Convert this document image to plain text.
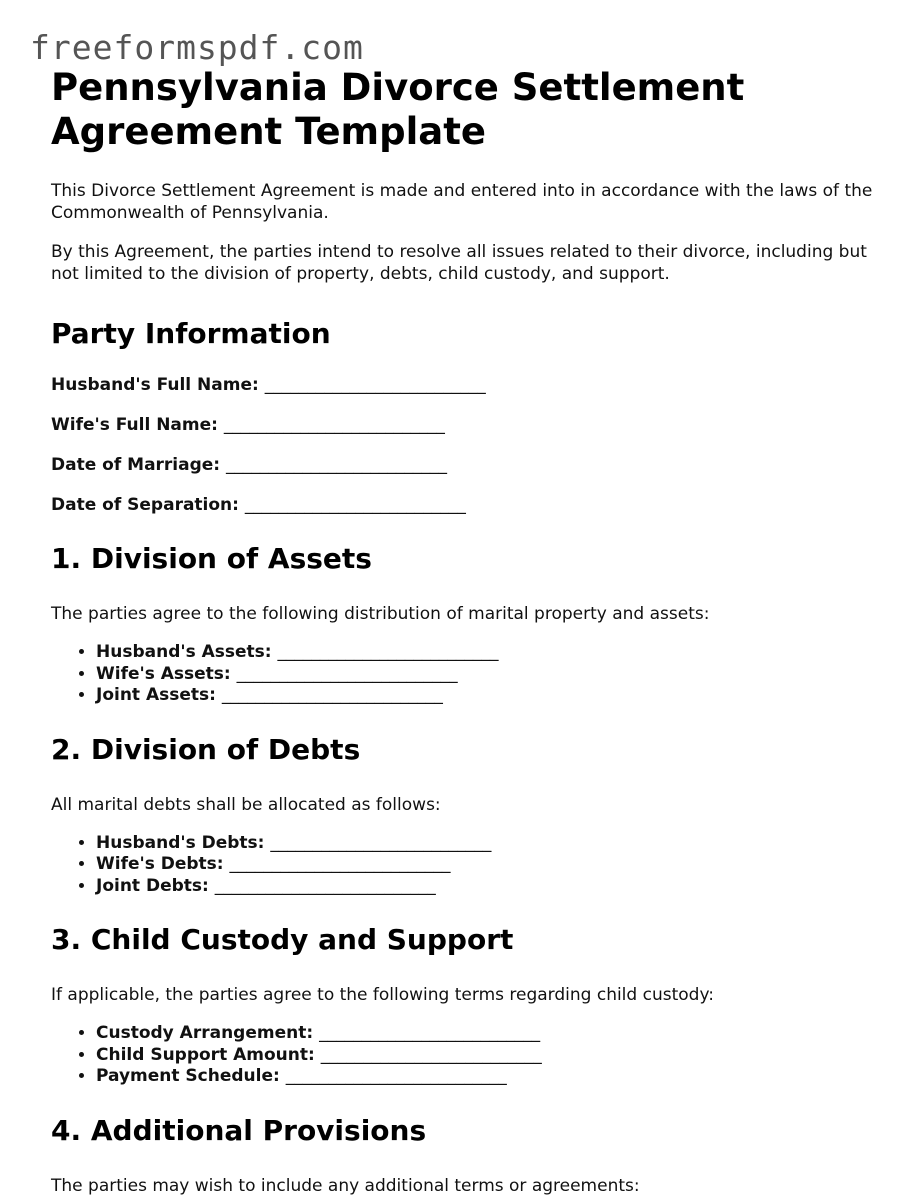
freeformspdf.com
Pennsylvania Divorce Settlement Agreement Template

This Divorce Settlement Agreement is made and entered into in accordance with the laws of the Commonwealth of Pennsylvania.

By this Agreement, the parties intend to resolve all issues related to their divorce, including but not limited to the division of property, debts, child custody, and support.

Party Information

Husband's Full Name: __________________________

Wife's Full Name: __________________________

Date of Marriage: __________________________

Date of Separation: __________________________

1. Division of Assets

The parties agree to the following distribution of marital property and assets:

• Husband's Assets: __________________________
• Wife's Assets: __________________________
• Joint Assets: __________________________
2. Division of Debts

All marital debts shall be allocated as follows:

• Husband's Debts: __________________________
• Wife's Debts: __________________________
• Joint Debts: __________________________
3. Child Custody and Support

If applicable, the parties agree to the following terms regarding child custody:

• Custody Arrangement: __________________________
• Child Support Amount: __________________________
• Payment Schedule: __________________________
4. Additional Provisions

The parties may wish to include any additional terms or agreements:
